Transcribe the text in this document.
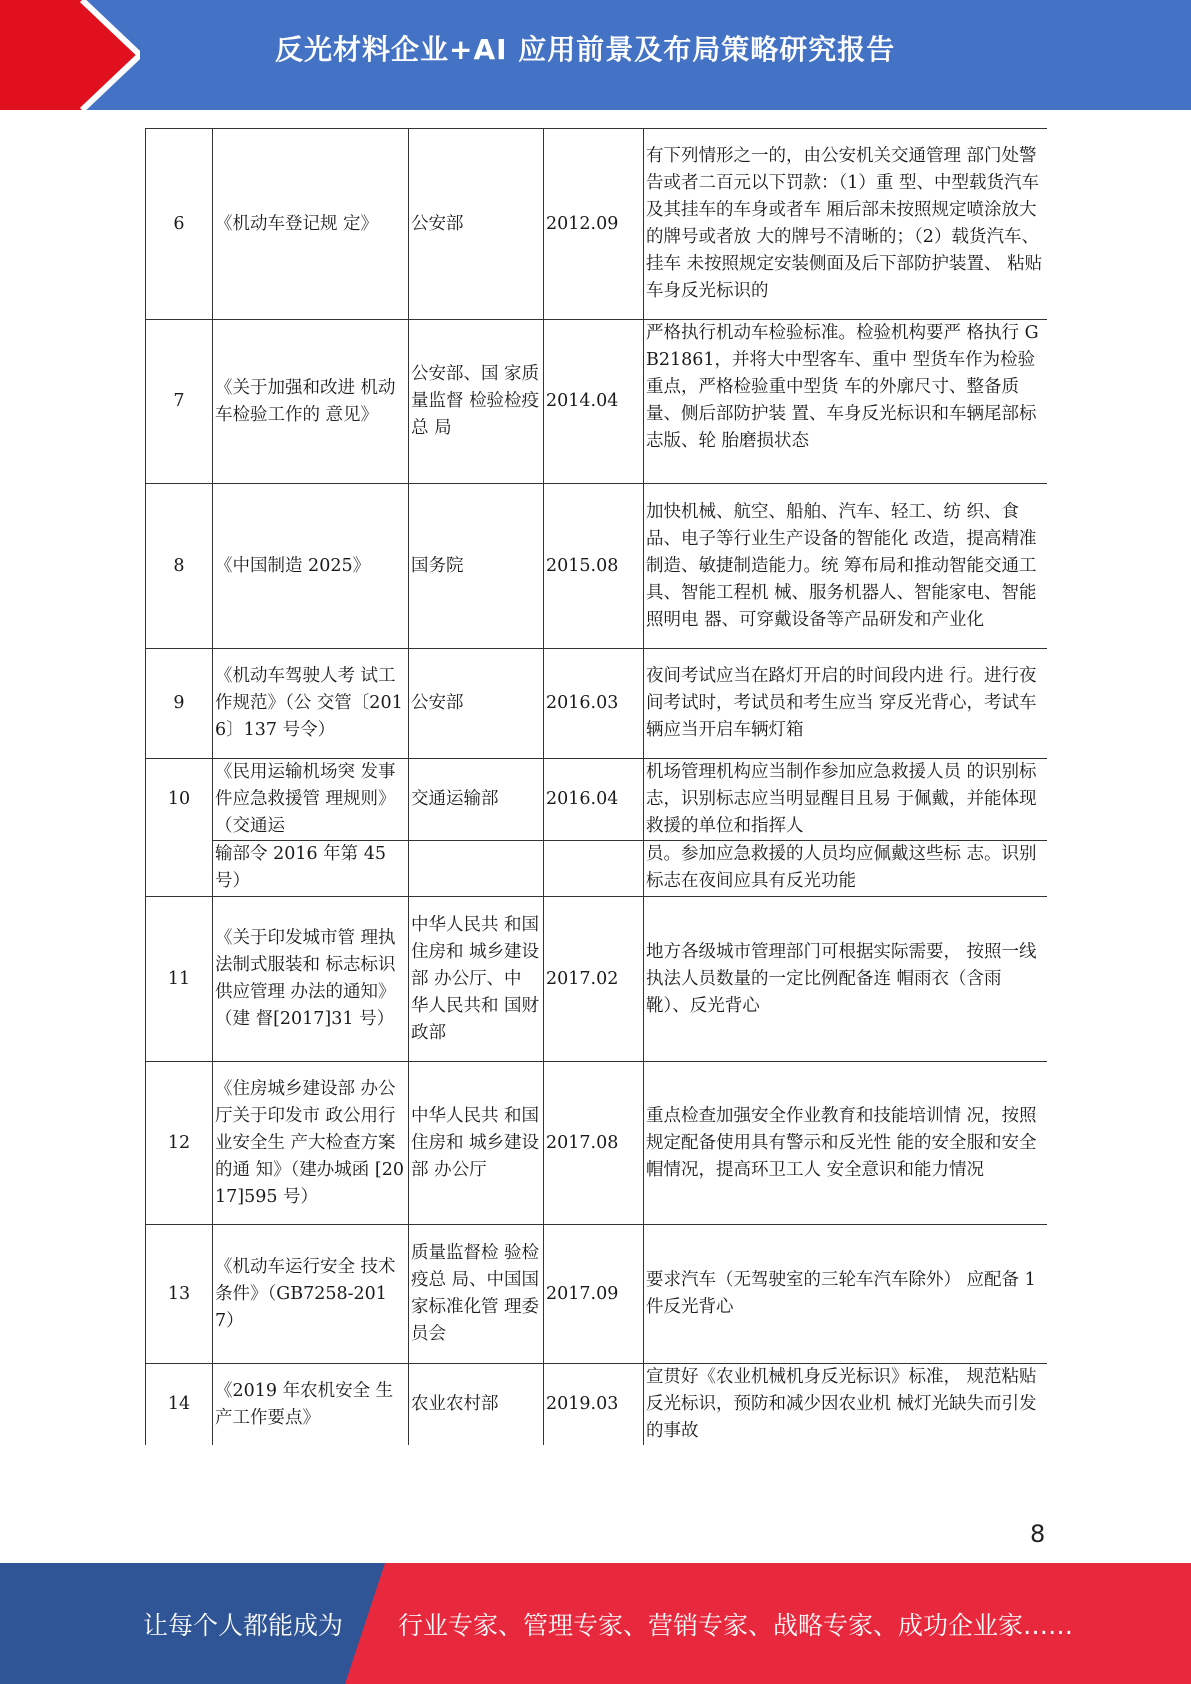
反光材料企业+AI 应用前景及布局策略研究报告
6	《机动车登记规 定》	公安部	2012.09	有下列情形之一的，由公安机关交通管理 部门处警告或者二百元以下罚款：（1）重 型、中型载货汽车及其挂车的车身或者车 厢后部未按照规定喷涂放大的牌号或者放 大的牌号不清晰的；（2）载货汽车、挂车 未按照规定安装侧面及后下部防护装置、 粘贴车身反光标识的
7	《关于加强和改进 机动车检验工作的 意见》	公安部、国 家质量监督 检验检疫总 局	2014.04	严格执行机动车检验标准。检验机构要严 格执行 GB21861，并将大中型客车、重中 型货车作为检验重点，严格检验重中型货 车的外廓尺寸、整备质量、侧后部防护装 置、车身反光标识和车辆尾部标志版、轮 胎磨损状态
8	《中国制造 2025》	国务院	2015.08	加快机械、航空、船舶、汽车、轻工、纺 织、食品、电子等行业生产设备的智能化 改造，提高精准制造、敏捷制造能力。统 筹布局和推动智能交通工具、智能工程机 械、服务机器人、智能家电、智能照明电 器、可穿戴设备等产品研发和产业化
9	《机动车驾驶人考 试工作规范》（公 交管〔2016〕137 号令）	公安部	2016.03	夜间考试应当在路灯开启的时间段内进 行。进行夜间考试时，考试员和考生应当 穿反光背心，考试车辆应当开启车辆灯箱
10	《民用运输机场突 发事件应急救援管 理规则》（交通运	交通运输部	2016.04	机场管理机构应当制作参加应急救援人员 的识别标志，识别标志应当明显醒目且易 于佩戴，并能体现救援的单位和指挥人
	输部令 2016 年第 45 号）			员。参加应急救援的人员均应佩戴这些标 志。识别标志在夜间应具有反光功能
11	《关于印发城市管 理执法制式服装和 标志标识供应管理 办法的通知》（建 督[2017]31 号）	中华人民共 和国住房和 城乡建设部 办公厅、中 华人民共和 国财政部	2017.02	地方各级城市管理部门可根据实际需要， 按照一线执法人员数量的一定比例配备连 帽雨衣（含雨靴）、反光背心
12	《住房城乡建设部 办公厅关于印发市 政公用行业安全生 产大检查方案的通 知》（建办城函 [2017]595 号）	中华人民共 和国住房和 城乡建设部 办公厅	2017.08	重点检查加强安全作业教育和技能培训情 况，按照规定配备使用具有警示和反光性 能的安全服和安全帽情况，提高环卫工人 安全意识和能力情况
13	《机动车运行安全 技术条件》（GB7258-2017）	质量监督检 验检疫总 局、中国国 家标准化管 理委员会	2017.09	要求汽车（无驾驶室的三轮车汽车除外） 应配备 1 件反光背心
14	《2019 年农机安全 生产工作要点》	农业农村部	2019.03	宣贯好《农业机械机身反光标识》标准， 规范粘贴反光标识，预防和减少因农业机 械灯光缺失而引发的事故
8
让每个人都能成为 行业专家、管理专家、营销专家、战略专家、成功企业家……
